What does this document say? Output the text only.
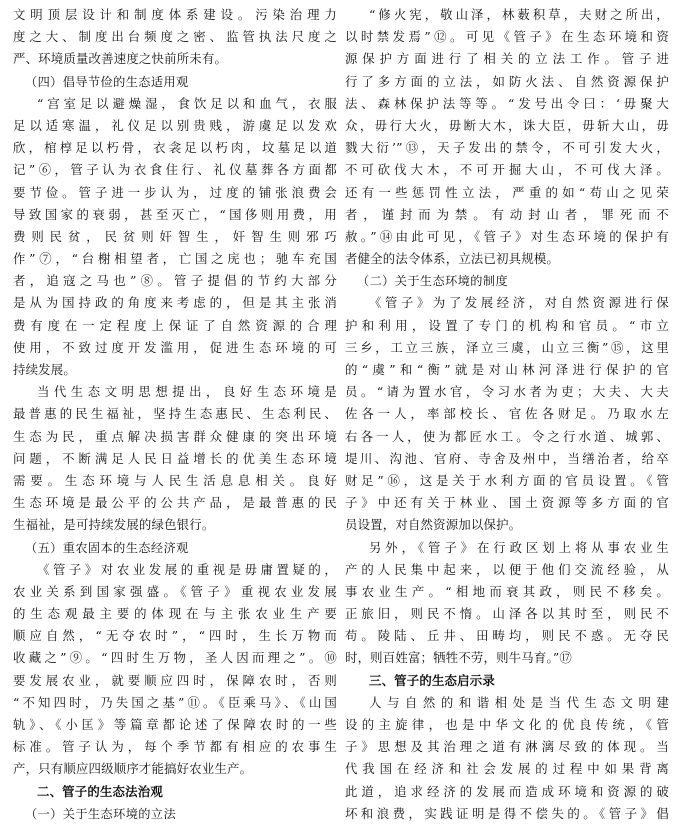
文明顶层设计和制度体系建设。污染治理力
度之大、制度出台频度之密、监管执法尺度之
严、环境质量改善速度之快前所未有。
（四）倡导节俭的生态适用观
“宫室足以避燥湿，食饮足以和血气，衣服
足以适寒温，礼仪足以别贵贱，游虞足以发欢
欣，棺椁足以朽骨，衣衾足以朽肉，坟墓足以道
记”⑥，管子认为衣食住行、礼仪墓葬各方面都
要节俭。管子进一步认为，过度的铺张浪费会
导致国家的衰弱，甚至灭亡，“国侈则用费，用
费则民贫，民贫则奸智生，奸智生则邪巧
作”⑦，“台榭相望者，亡国之庑也；驰车充国
者，追寇之马也”⑧。管子提倡的节约大部分
是从为国持政的角度来考虑的，但是其主张消
费有度在一定程度上保证了自然资源的合理
使用，不致过度开发滥用，促进生态环境的可
持续发展。
当代生态文明思想提出，良好生态环境是
最普惠的民生福祉，坚持生态惠民、生态利民、
生态为民，重点解决损害群众健康的突出环境
问题，不断满足人民日益增长的优美生态环境
需要。生态环境与人民生活息息相关。良好
生态环境是最公平的公共产品，是最普惠的民
生福祉，是可持续发展的绿色银行。
（五）重农固本的生态经济观
《管子》对农业发展的重视是毋庸置疑的，
农业关系到国家强盛。《管子》重视农业发展
的生态观最主要的体现在与主张农业生产要
顺应自然，“无夺农时”，“四时，生长万物而
收藏之”⑨。“四时生万物，圣人因而理之”。⑩
要发展农业，就要顺应四时，保障农时，否则
“不知四时，乃失国之基”⑪。《臣乘马》、《山国
轨》、《小匡》等篇章都论述了保障农时的一些
标准。管子认为，每个季节都有相应的农事生
产，只有顺应四级顺序才能搞好农业生产。
二、管子的生态法治观
（一）关于生态环境的立法
“修火宪，敬山泽，林薮积草，夫财之所出，
以时禁发焉”⑫。可见《管子》在生态环境和资
源保护方面进行了相关的立法工作。管子进
行了多方面的立法，如防火法、自然资源保护
法、森林保护法等等。“发号出令曰：‘毋聚大
众，毋行大火，毋断大木，诛大臣，毋斩大山，毋
戮大衍’”⑬，天子发出的禁令，不可引发大火，
不可砍伐大木，不可开掘大山，不可伐大泽。
还有一些惩罚性立法，严重的如“苟山之见荣
者，谨封而为禁。有动封山者，罪死而不
赦。”⑭由此可见，《管子》对生态环境的保护有
者健全的法令体系，立法已初具规模。
（二）关于生态环境的制度
《管子》为了发展经济，对自然资源进行保
护和利用，设置了专门的机构和官员。“市立
三乡，工立三族，泽立三虞，山立三衡”⑮，这里
的“虞”和“衡”就是对山林河泽进行保护的官
员。“请为置水官，令习水者为吏；大夫、大夫
佐各一人，率部校长、官佐各财足。乃取水左
右各一人，使为都匠水工。令之行水道、城郭、
堤川、沟池、官府、寺舍及州中，当缮治者，给卒
财足”⑯，这是关于水利方面的官员设置。《管
子》中还有关于林业、国土资源等多方面的官
员设置，对自然资源加以保护。
另外，《管子》在行政区划上将从事农业生
产的人民集中起来，以便于他们交流经验，从
事农业生产。“相地而衰其政，则民不移矣。
正旅旧，则民不惰。山泽各以其时至，则民不
苟。陵陆、丘井、田畴均，则民不惑。无夺民
时，则百姓富；牺牲不劳，则牛马育。”⑰
三、管子的生态启示录
人与自然的和谐相处是当代生态文明建
设的主旋律，也是中华文化的优良传统，《管
子》思想及其治理之道有淋漓尽致的体现。当
代我国在经济和社会发展的过程中如果背离
此道，追求经济的发展而造成环境和资源的破
坏和浪费，实践证明是得不偿失的。《管子》倡
